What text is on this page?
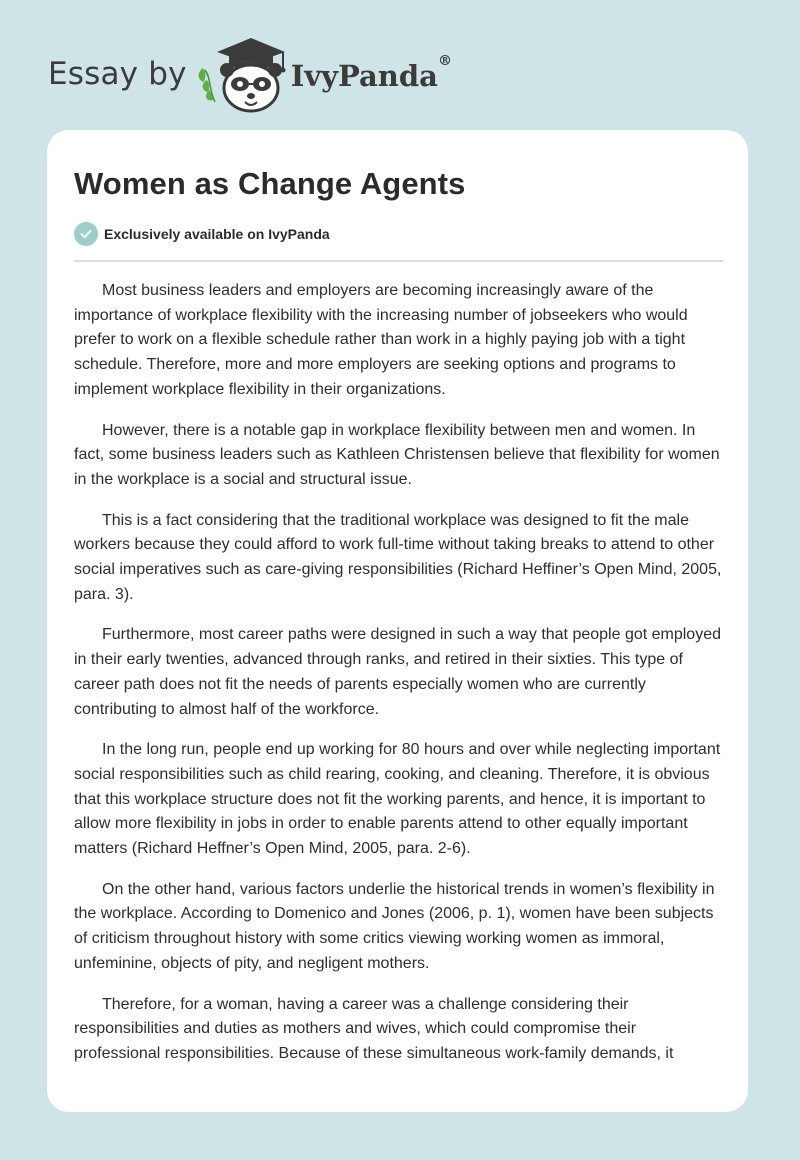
Essay by	IvyPanda®
Women as Change Agents
Exclusively available on IvyPanda

Most business leaders and employers are becoming increasingly aware of the importance of workplace flexibility with the increasing number of jobseekers who would prefer to work on a flexible schedule rather than work in a highly paying job with a tight schedule. Therefore, more and more employers are seeking options and programs to implement workplace flexibility in their organizations.

However, there is a notable gap in workplace flexibility between men and women. In fact, some business leaders such as Kathleen Christensen believe that flexibility for women in the workplace is a social and structural issue.

This is a fact considering that the traditional workplace was designed to fit the male workers because they could afford to work full-time without taking breaks to attend to other social imperatives such as care-giving responsibilities (Richard Heffiner’s Open Mind, 2005, para. 3).

Furthermore, most career paths were designed in such a way that people got employed in their early twenties, advanced through ranks, and retired in their sixties. This type of career path does not fit the needs of parents especially women who are currently contributing to almost half of the workforce.

In the long run, people end up working for 80 hours and over while neglecting important social responsibilities such as child rearing, cooking, and cleaning. Therefore, it is obvious that this workplace structure does not fit the working parents, and hence, it is important to allow more flexibility in jobs in order to enable parents attend to other equally important matters (Richard Heffner’s Open Mind, 2005, para. 2-6).

On the other hand, various factors underlie the historical trends in women’s flexibility in the workplace. According to Domenico and Jones (2006, p. 1), women have been subjects of criticism throughout history with some critics viewing working women as immoral, unfeminine, objects of pity, and negligent mothers.

Therefore, for a woman, having a career was a challenge considering their responsibilities and duties as mothers and wives, which could compromise their professional responsibilities. Because of these simultaneous work-family demands, it
